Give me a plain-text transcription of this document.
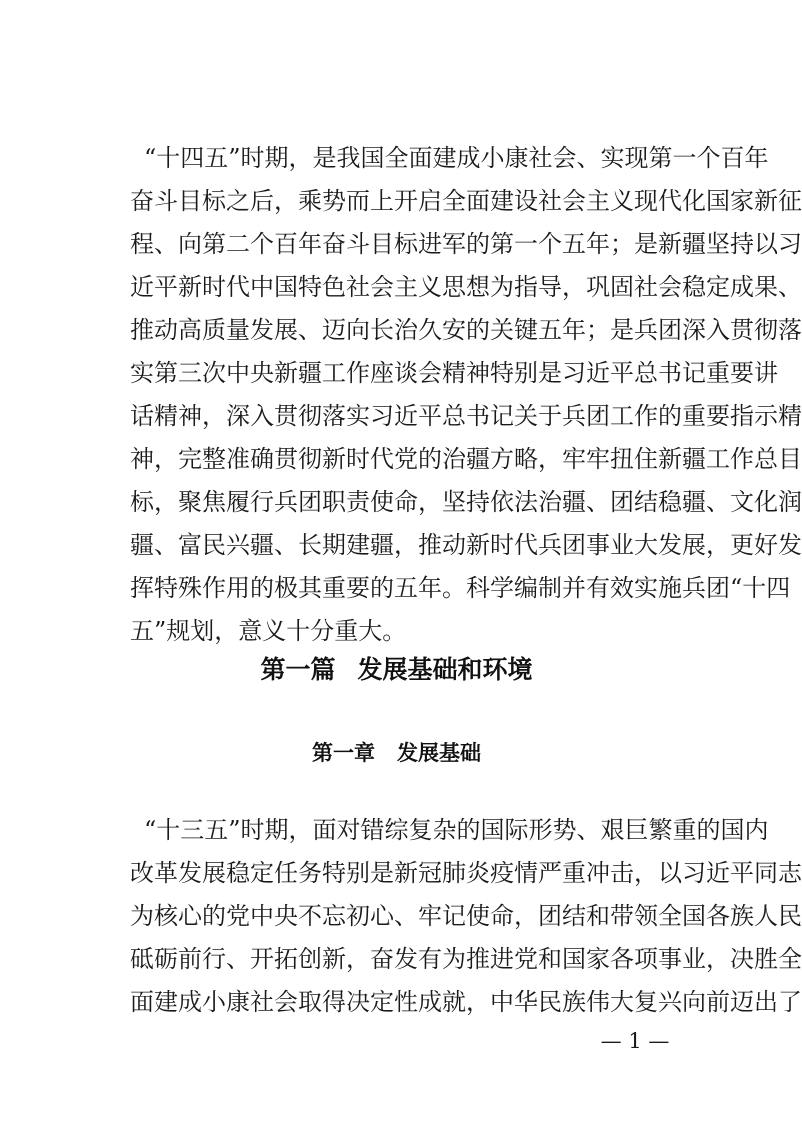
“十四五”时期，是我国全面建成小康社会、实现第一个百年
奋斗目标之后，乘势而上开启全面建设社会主义现代化国家新征
程、向第二个百年奋斗目标进军的第一个五年；是新疆坚持以习
近平新时代中国特色社会主义思想为指导，巩固社会稳定成果、
推动高质量发展、迈向长治久安的关键五年；是兵团深入贯彻落
实第三次中央新疆工作座谈会精神特别是习近平总书记重要讲
话精神，深入贯彻落实习近平总书记关于兵团工作的重要指示精
神，完整准确贯彻新时代党的治疆方略，牢牢扭住新疆工作总目
标，聚焦履行兵团职责使命，坚持依法治疆、团结稳疆、文化润
疆、富民兴疆、长期建疆，推动新时代兵团事业大发展，更好发
挥特殊作用的极其重要的五年。科学编制并有效实施兵团“十四
五”规划，意义十分重大。
第一篇 发展基础和环境
第一章 发展基础
“十三五”时期，面对错综复杂的国际形势、艰巨繁重的国内
改革发展稳定任务特别是新冠肺炎疫情严重冲击，以习近平同志
为核心的党中央不忘初心、牢记使命，团结和带领全国各族人民
砥砺前行、开拓创新，奋发有为推进党和国家各项事业，决胜全
面建成小康社会取得决定性成就，中华民族伟大复兴向前迈出了
— 1 —
